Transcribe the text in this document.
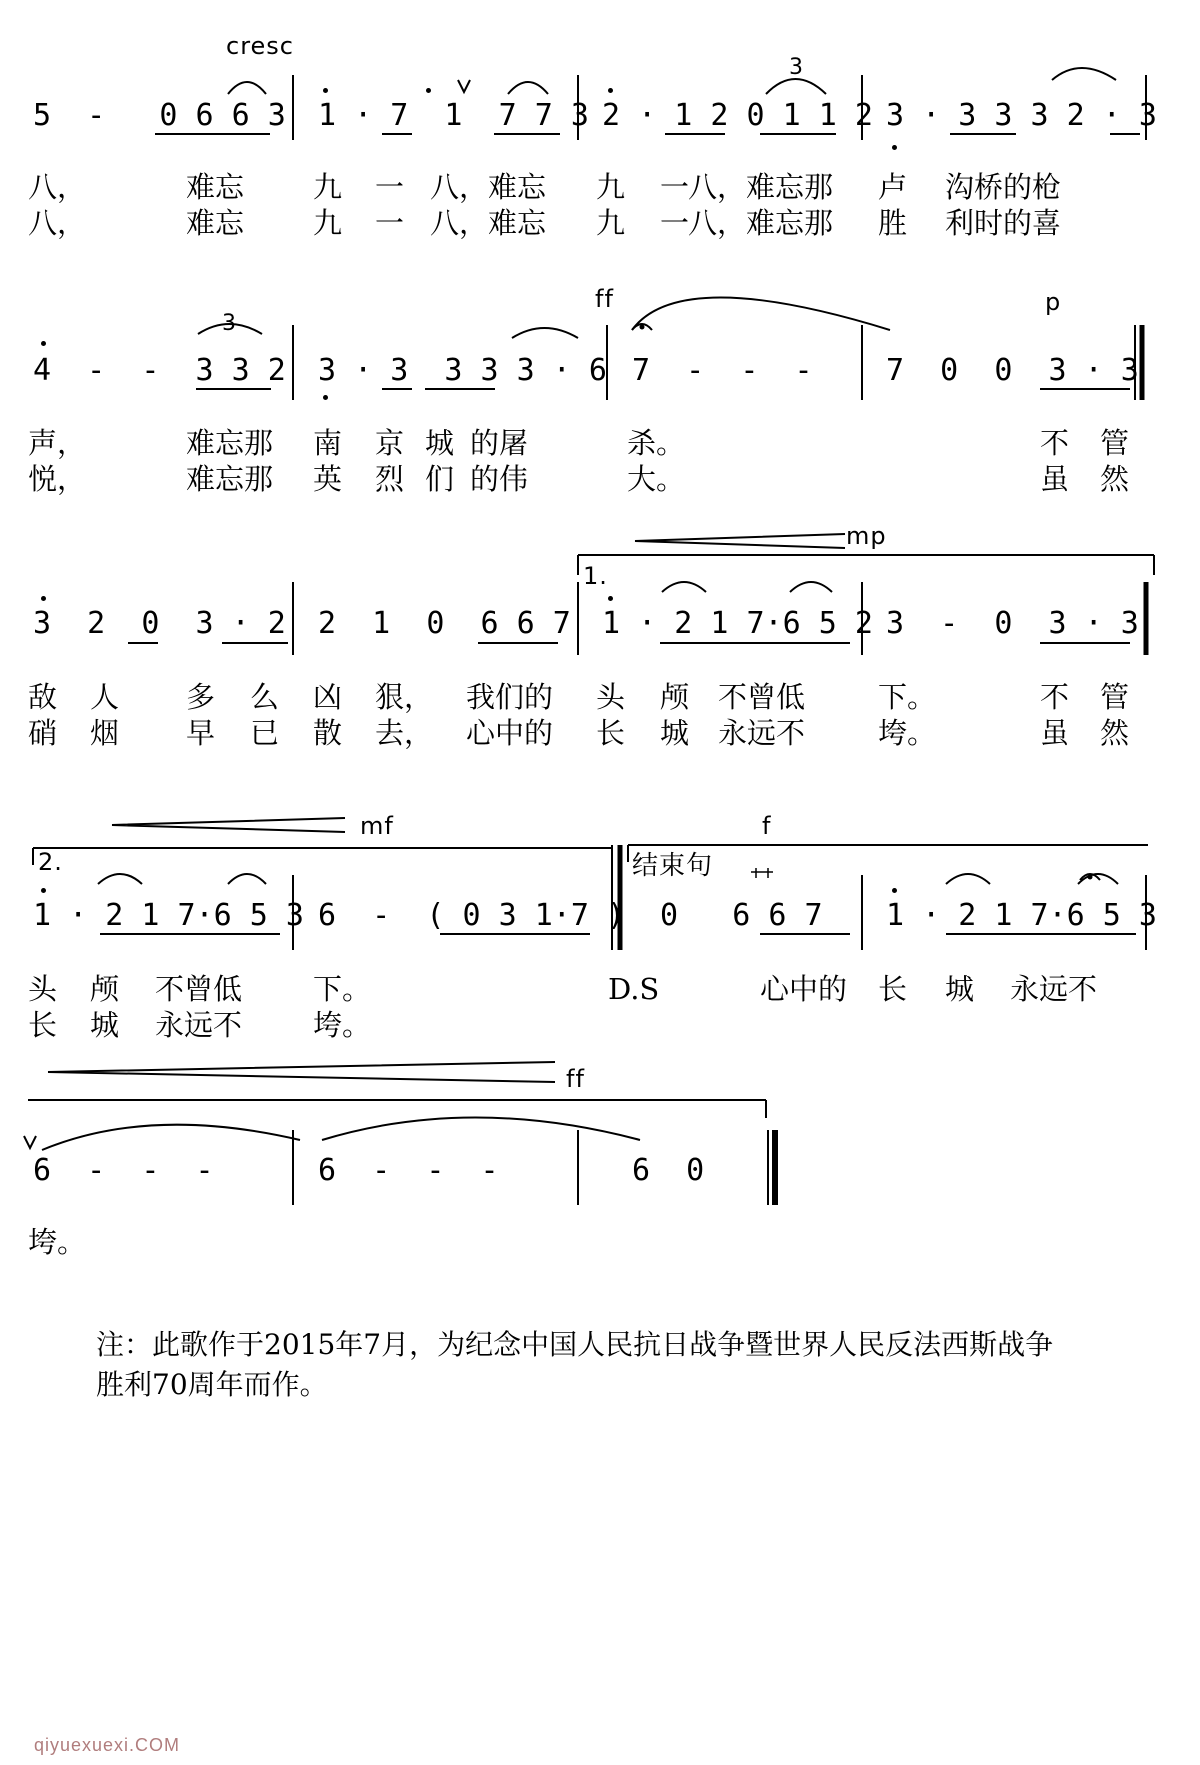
3
3
cresc
ff	p
mp
1.
mf
2.	结束句
f
ff
5  -   0 6 6 3 1 · 7  1  7 7 3 2 · 1 2 0 1 1 2 3 · 3 3 3 2 · 3
4  -  -  3 3 2 3 · 3  3 3 3 · 6 7  -  -  - 7  0  0  3 · 3
3  2  0  3 · 2 2  1  0  6 6 7 1 · 2 1 7·6 5 2 3  -  0  3 · 3
1 · 2 1 7·6 5 3 6  -  ( 0 3 1·7 ) 0   6 6 7 1 · 2 1 7·6 5 3
6  -  -  -	6  -  -  -	6  0
八，	难忘 九 一 八，难忘 九 一
八，难忘那 卢 沟桥的枪
八，	难忘 九 一 八，难忘 九 一
八，难忘那 胜 利时的喜
声，	难忘那 南 京 城 的屠	杀。	不 管
悦，	难忘那 英 烈 们 的伟	大。	虽 然
敌 人 多 么 凶 狠， 我们的 头 颅 不曾低	下。	不 管
硝 烟 早 已 散 去， 心中的 长 城 永远不	垮。	虽 然
头 颅 不曾低 下。	D.S	心中的 长 城 永远不
长 城 永远不 垮。
垮。
注：此歌作于2015年7月，为纪念中国人民抗日战争暨世界人民反法西斯战争
胜利70周年而作。
qiyuexuexi.COM
